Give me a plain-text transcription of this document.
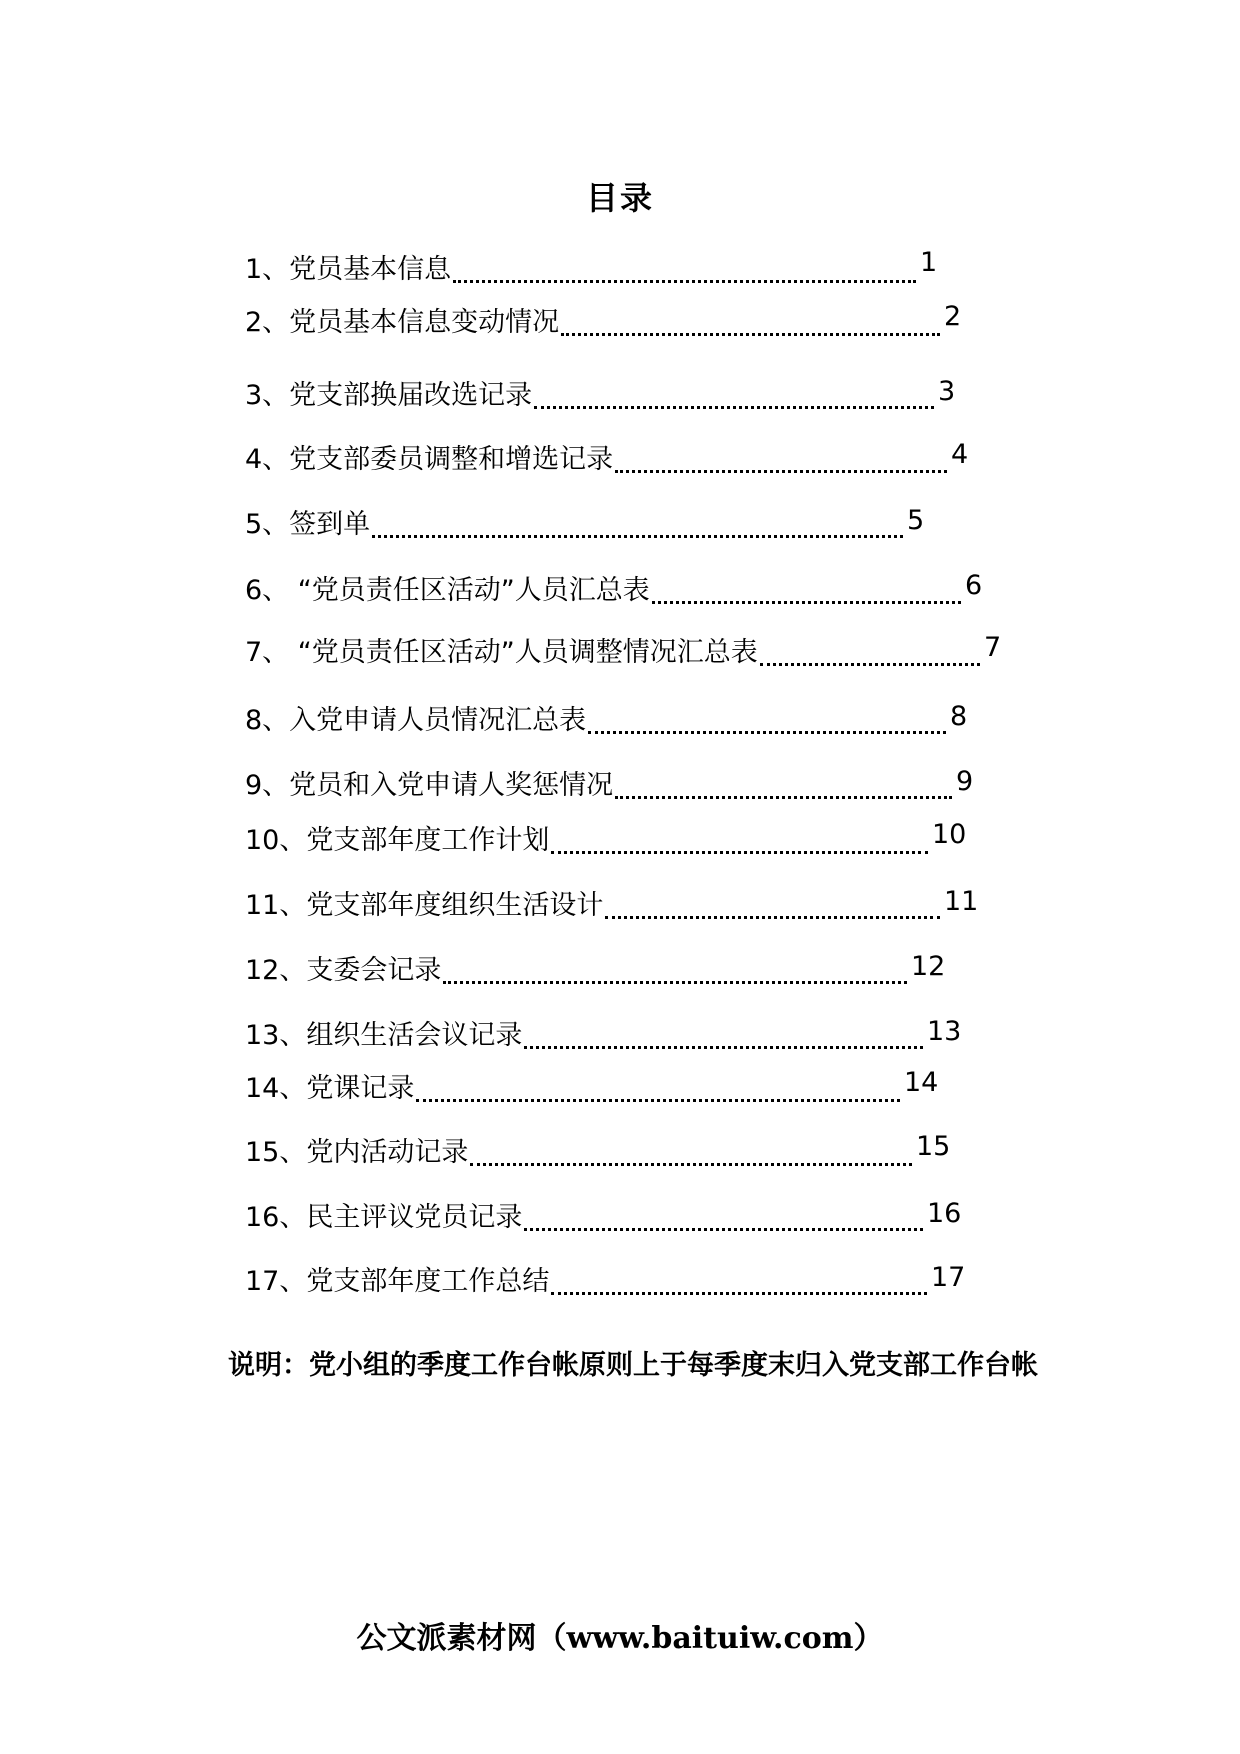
目录
1、党员基本信息	1
2、党员基本信息变动情况	2
3、党支部换届改选记录	3
4、党支部委员调整和增选记录	4
5、签到单	5
6、 “党员责任区活动”人员汇总表	6
7、 “党员责任区活动”人员调整情况汇总表	7
8、入党申请人员情况汇总表	8
9、党员和入党申请人奖惩情况	9
10、党支部年度工作计划	10
11、党支部年度组织生活设计	11
12、支委会记录	12
13、组织生活会议记录	13
14、党课记录	14
15、党内活动记录	15
16、民主评议党员记录	16
17、党支部年度工作总结	17
说明：党小组的季度工作台帐原则上于每季度末归入党支部工作台帐
公文派素材网（www.baituiw.com）
